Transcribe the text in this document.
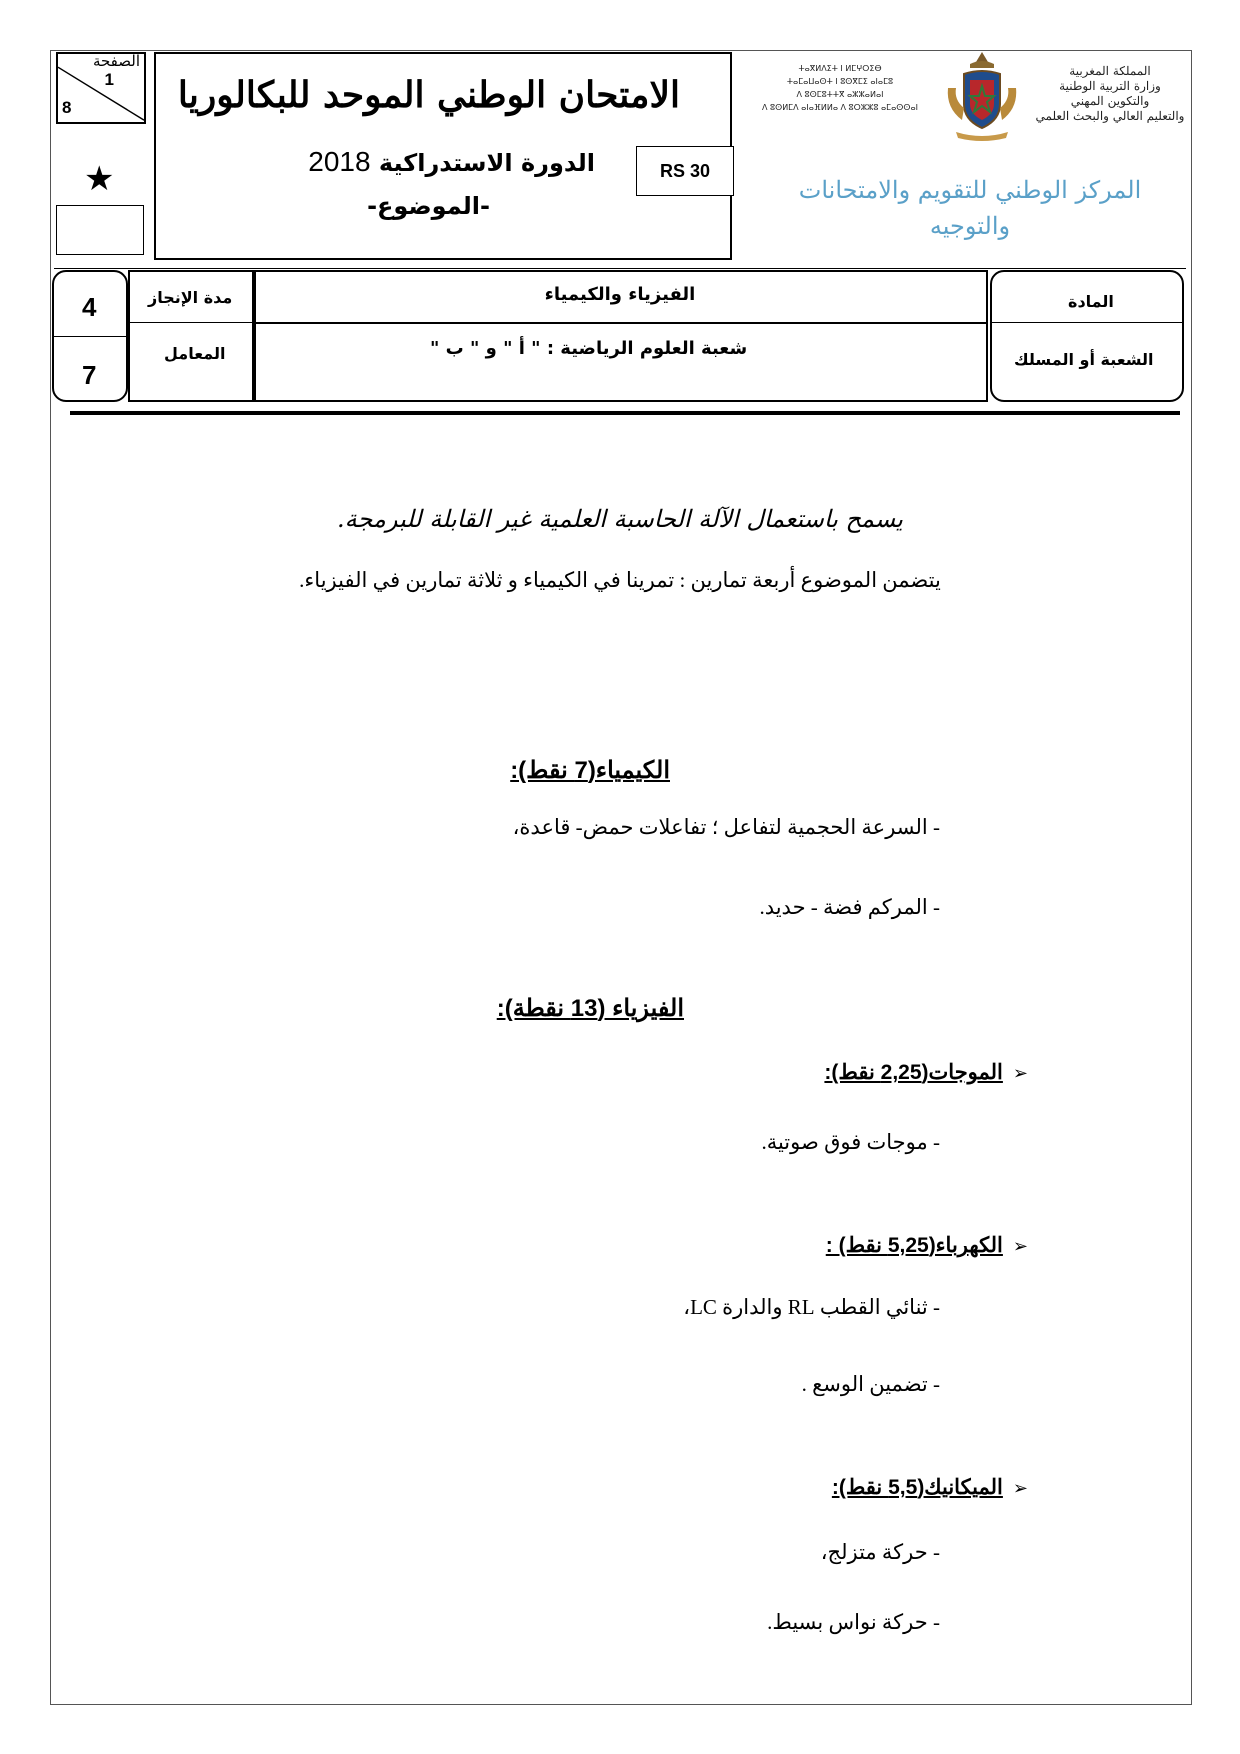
الصفحة
1
8
★
الامتحان الوطني الموحد للبكالوريا
الدورة الاستدراكية 2018
-الموضوع-
RS 30
ⵜⴰⴳⵍⴷⵉⵜ ⵏ ⵍⵎⵖⵔⵉⴱ
ⵜⴰⵎⴰⵡⴰⵙⵜ ⵏ ⵓⵙⴳⵎⵉ ⴰⵏⴰⵎⵓ
ⴷ ⵓⵙⵎⵓⵜⵜⴳ ⴰⵣⵣⴰⵍⴰⵏ
ⴷ ⵓⵙⵍⵎⴷ ⴰⵏⴰⴼⵍⵍⴰ ⴷ ⵓⵔⵣⵣⵓ ⴰⵎⴰⵙⵙⴰⵏ
المملكة المغربية
وزارة التربية الوطنية
والتكوين المهني
والتعليم العالي والبحث العلمي
المركز الوطني للتقويم والامتحانات والتوجيه
4
7
مدة الإنجاز
المعامل
الفيزياء والكيمياء
شعبة العلوم الرياضية : " أ " و " ب "
المادة
الشعبة أو المسلك
يسمح باستعمال الآلة الحاسبة العلمية غير القابلة للبرمجة.
يتضمن الموضوع أربعة تمارين : تمرينا في الكيمياء و ثلاثة تمارين في الفيزياء.
الكيمياء(7 نقط):
- السرعة الحجمية لتفاعل ؛ تفاعلات حمض- قاعدة،
- المركم فضة - حديد.
الفيزياء (13 نقطة):
➢الموجات(2,25 نقط):
- موجات فوق صوتية.
➢الكهرباء(5,25 نقط) :
- ثنائي القطب RL والدارة LC،
- تضمين الوسع .
➢الميكانيك(5,5 نقط):
- حركة متزلج،
- حركة نواس بسيط.
